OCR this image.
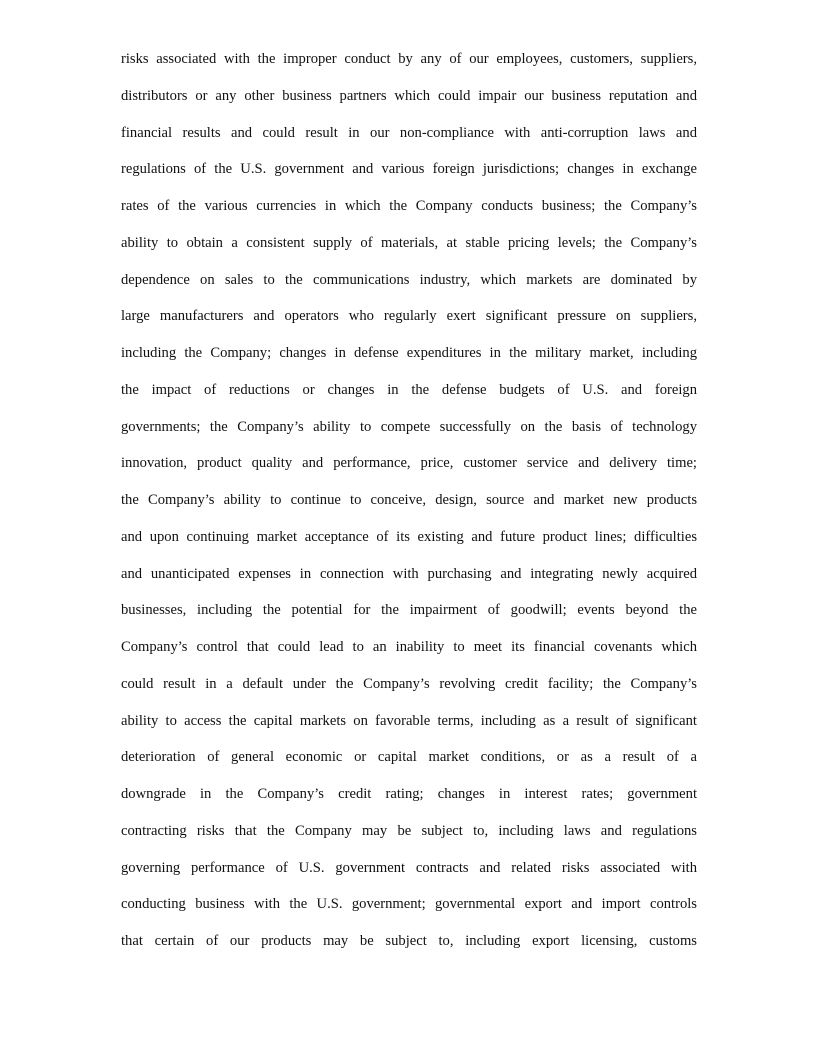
risks associated with the improper conduct by any of our employees, customers, suppliers,
distributors or any other business partners which could impair our business reputation and
financial results and could result in our non-compliance with anti-corruption laws and
regulations of the U.S. government and various foreign jurisdictions; changes in exchange
rates of the various currencies in which the Company conducts business; the Company’s
ability to obtain a consistent supply of materials, at stable pricing levels; the Company’s
dependence on sales to the communications industry, which markets are dominated by
large manufacturers and operators who regularly exert significant pressure on suppliers,
including the Company; changes in defense expenditures in the military market, including
the impact of reductions or changes in the defense budgets of U.S. and foreign
governments; the Company’s ability to compete successfully on the basis of technology
innovation, product quality and performance, price, customer service and delivery time;
the Company’s ability to continue to conceive, design, source and market new products
and upon continuing market acceptance of its existing and future product lines; difficulties
and unanticipated expenses in connection with purchasing and integrating newly acquired
businesses, including the potential for the impairment of goodwill; events beyond the
Company’s control that could lead to an inability to meet its financial covenants which
could result in a default under the Company’s revolving credit facility; the Company’s
ability to access the capital markets on favorable terms, including as a result of significant
deterioration of general economic or capital market conditions, or as a result of a
downgrade in the Company’s credit rating; changes in interest rates; government
contracting risks that the Company may be subject to, including laws and regulations
governing performance of U.S. government contracts and related risks associated with
conducting business with the U.S. government; governmental export and import controls
that certain of our products may be subject to, including export licensing, customs
